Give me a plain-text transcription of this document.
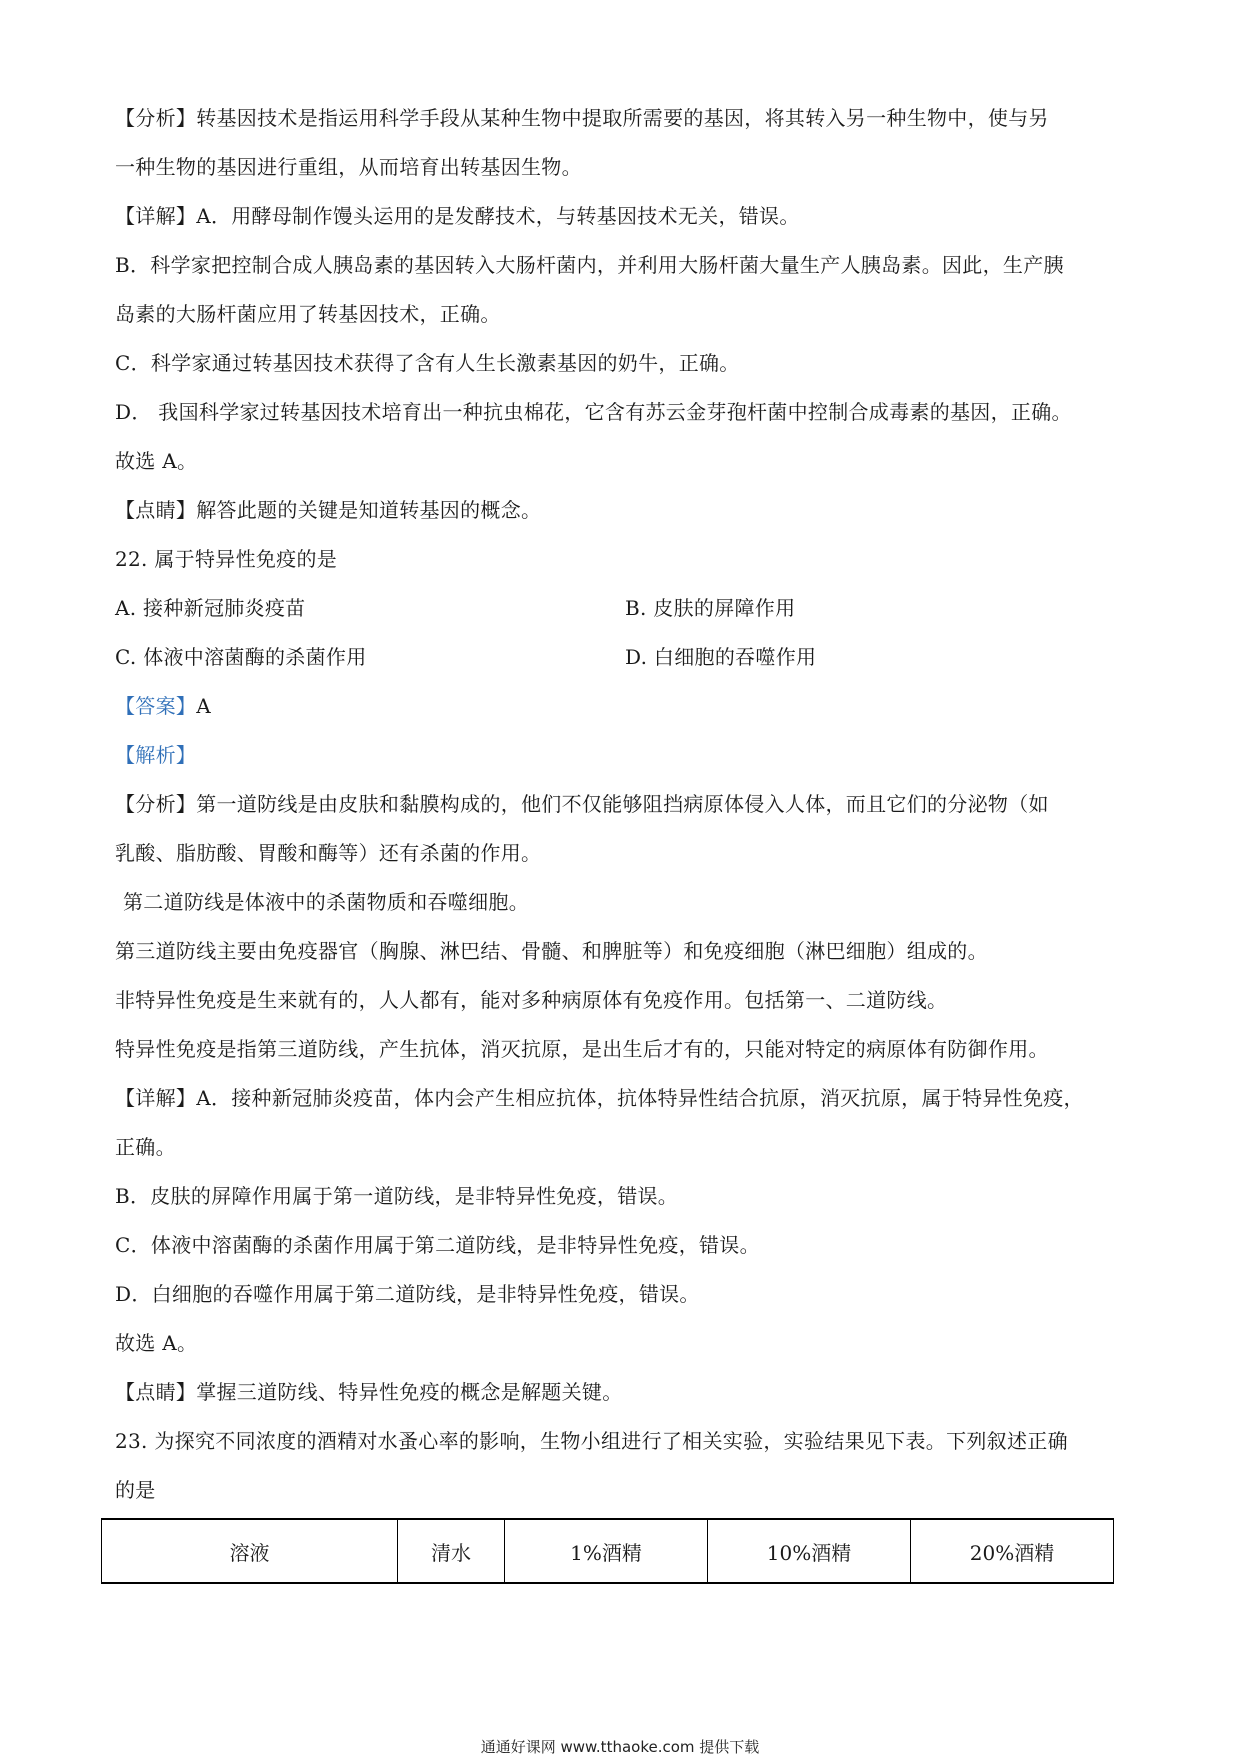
【分析】转基因技术是指运用科学手段从某种生物中提取所需要的基因，将其转入另一种生物中，使与另
一种生物的基因进行重组，从而培育出转基因生物。
【详解】A．用酵母制作馒头运用的是发酵技术，与转基因技术无关，错误。
B．科学家把控制合成人胰岛素的基因转入大肠杆菌内，并利用大肠杆菌大量生产人胰岛素。因此，生产胰
岛素的大肠杆菌应用了转基因技术，正确。
C．科学家通过转基因技术获得了含有人生长激素基因的奶牛，正确。
D． 我国科学家过转基因技术培育出一种抗虫棉花，它含有苏云金芽孢杆菌中控制合成毒素的基因，正确。
故选 A。
【点睛】解答此题的关键是知道转基因的概念。
22. 属于特异性免疫的是
A. 接种新冠肺炎疫苗	B. 皮肤的屏障作用
C. 体液中溶菌酶的杀菌作用	D. 白细胞的吞噬作用
【答案】A
【解析】
【分析】第一道防线是由皮肤和黏膜构成的，他们不仅能够阻挡病原体侵入人体，而且它们的分泌物（如
乳酸、脂肪酸、胃酸和酶等）还有杀菌的作用。
第二道防线是体液中的杀菌物质和吞噬细胞。
第三道防线主要由免疫器官（胸腺、淋巴结、骨髓、和脾脏等）和免疫细胞（淋巴细胞）组成的。
非特异性免疫是生来就有的，人人都有，能对多种病原体有免疫作用。包括第一、二道防线。
特异性免疫是指第三道防线，产生抗体，消灭抗原，是出生后才有的，只能对特定的病原体有防御作用。
【详解】A．接种新冠肺炎疫苗，体内会产生相应抗体，抗体特异性结合抗原，消灭抗原，属于特异性免疫，
正确。
B．皮肤的屏障作用属于第一道防线，是非特异性免疫，错误。
C．体液中溶菌酶的杀菌作用属于第二道防线，是非特异性免疫，错误。
D．白细胞的吞噬作用属于第二道防线，是非特异性免疫，错误。
故选 A。
【点睛】掌握三道防线、特异性免疫的概念是解题关键。
23. 为探究不同浓度的酒精对水蚤心率的影响，生物小组进行了相关实验，实验结果见下表。下列叙述正确
的是
溶液	清水	1%酒精	10%酒精	20%酒精
通通好课网 www.tthaoke.com 提供下载
